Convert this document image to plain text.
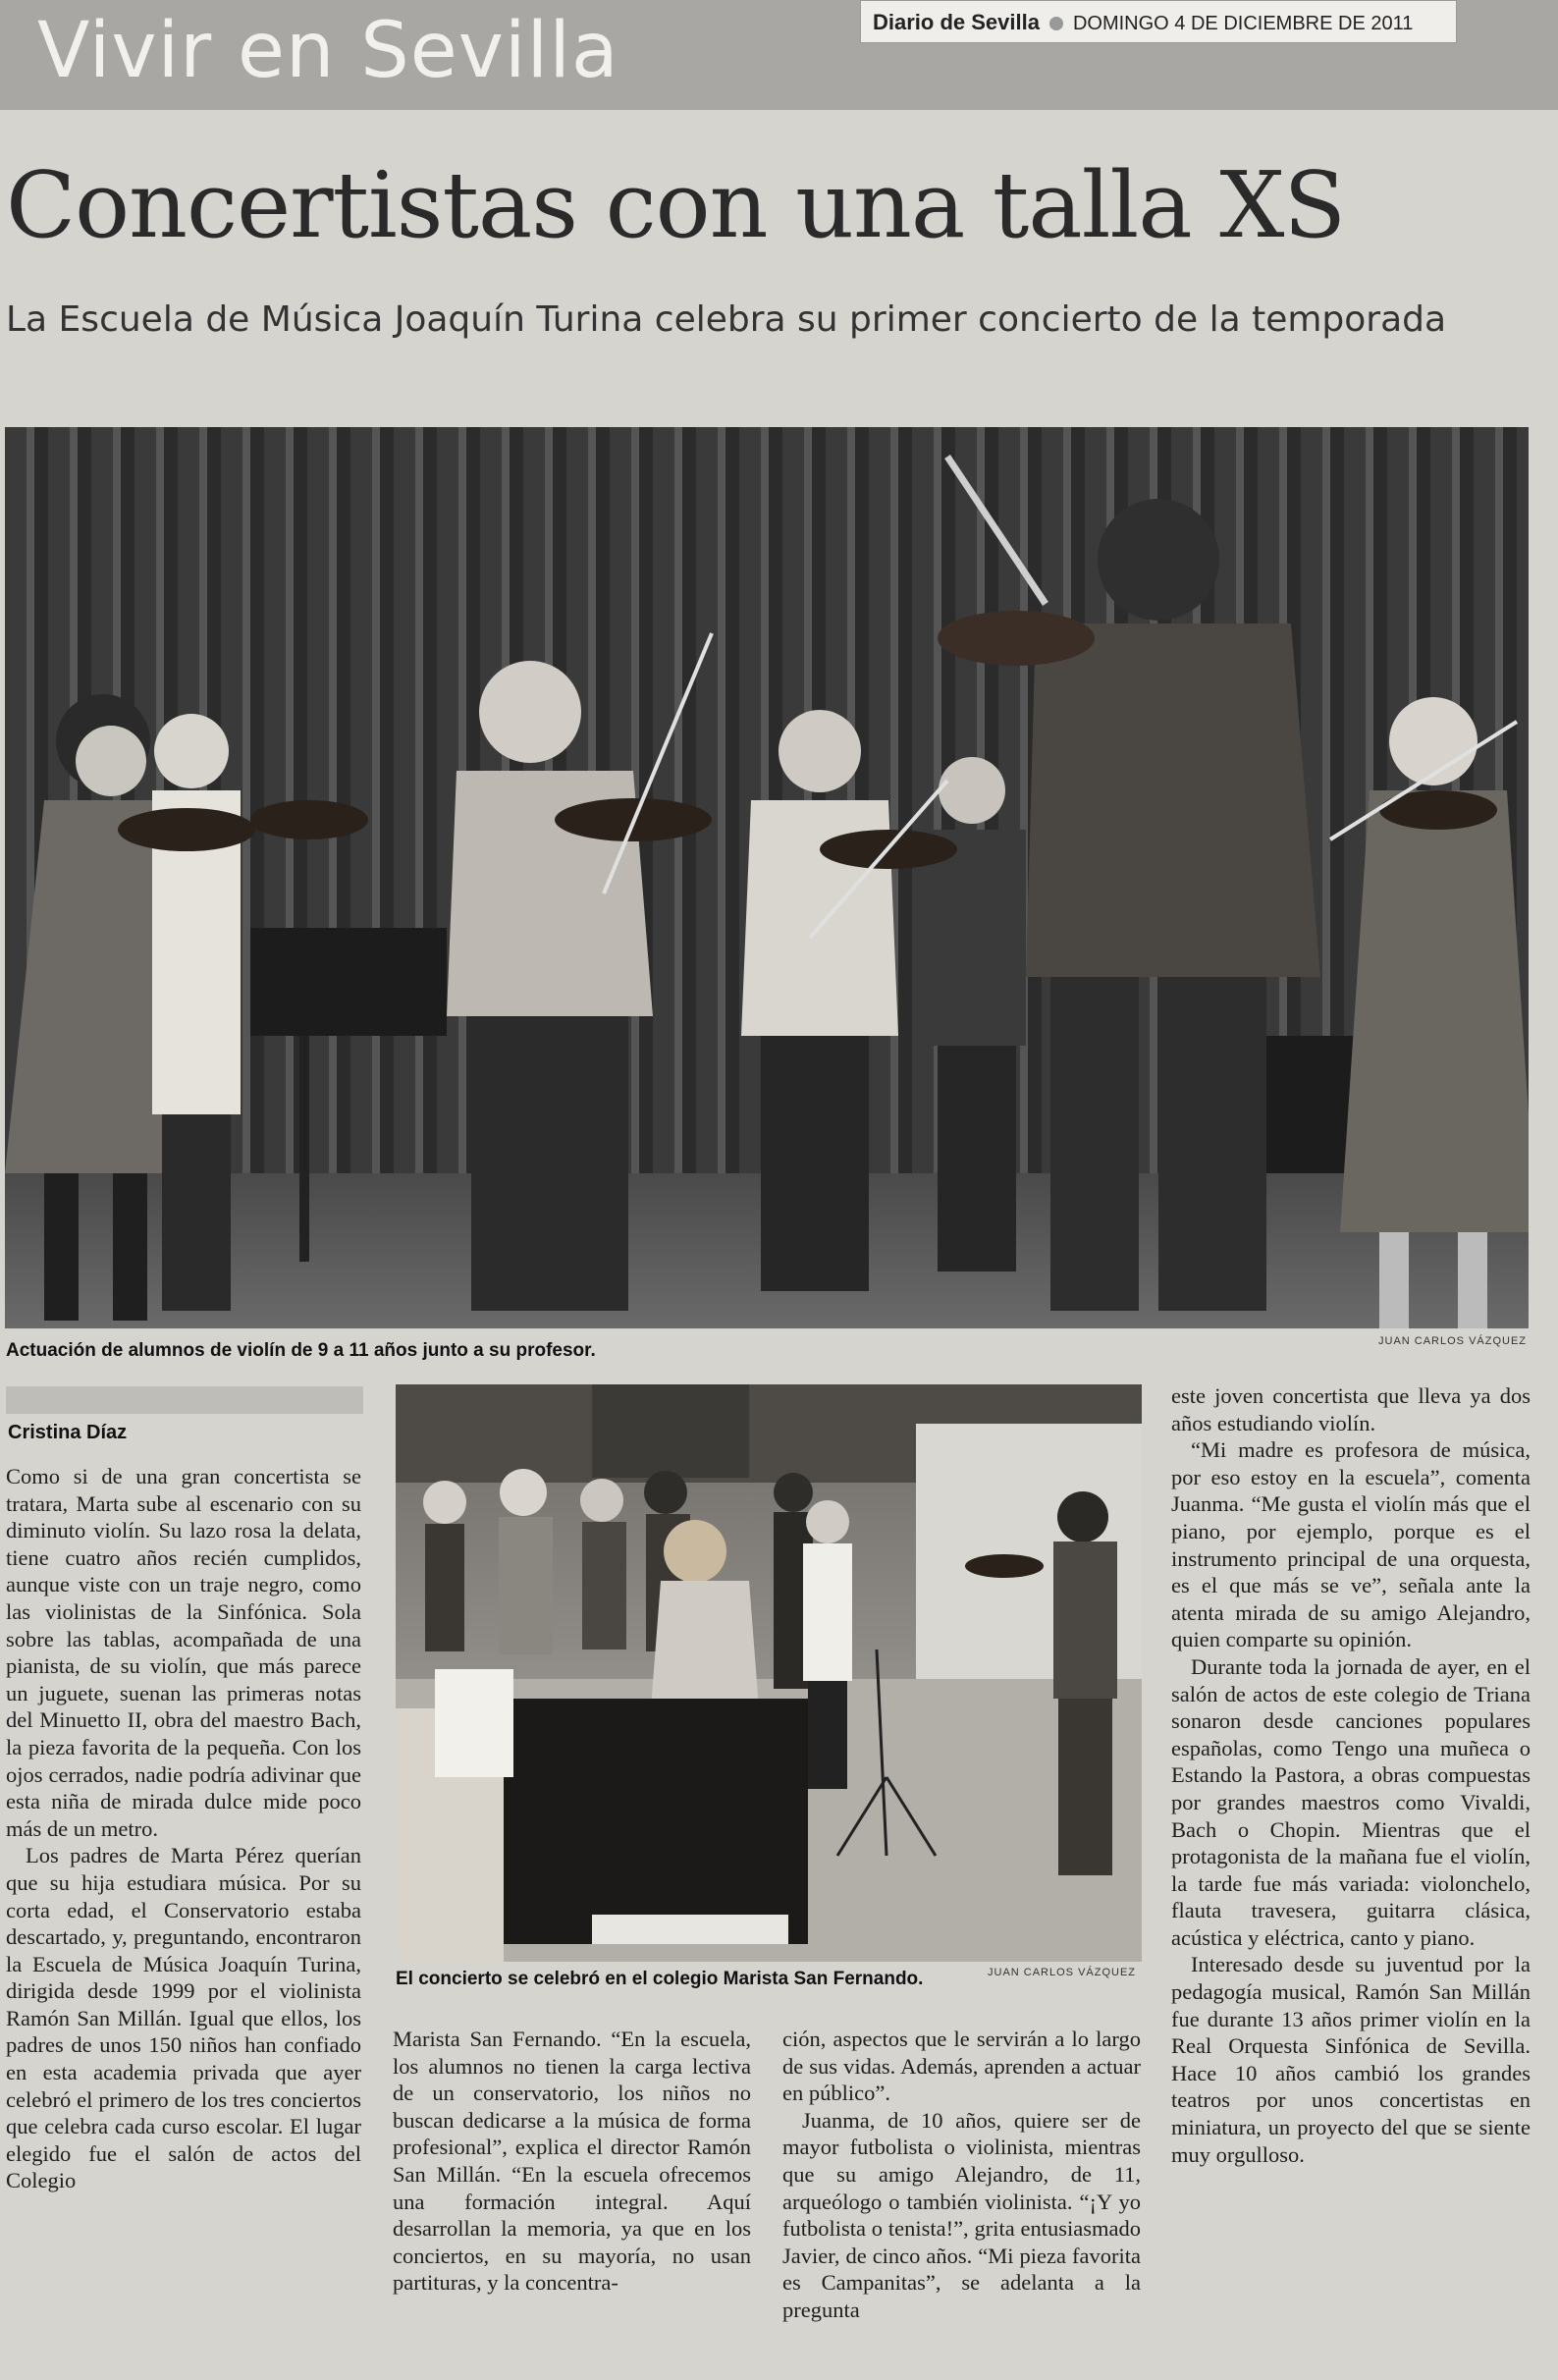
Vivir en Sevilla	Diario de Sevilla DOMINGO 4 DE DICIEMBRE DE 2011
Concertistas con una talla XS
La Escuela de Música Joaquín Turina celebra su primer concierto de la temporada
Actuación de alumnos de violín de 9 a 11 años junto a su profesor.	JUAN CARLOS VÁZQUEZ
Cristina Díaz

Como si de una gran concertista se tratara, Marta sube al escenario con su diminuto violín. Su lazo rosa la delata, tiene cuatro años recién cumplidos, aunque viste con un traje negro, como las violinistas de la Sinfónica. Sola sobre las tablas, acompañada de una pianista, de su violín, que más parece un juguete, suenan las primeras notas del Minuetto II, obra del maestro Bach, la pieza favorita de la pequeña. Con los ojos cerrados, nadie podría adivinar que esta niña de mirada dulce mide poco más de un metro.

Los padres de Marta Pérez querían que su hija estudiara música. Por su corta edad, el Conservatorio estaba descartado, y, preguntando, encontraron la Escuela de Música Joaquín Turina, dirigida desde 1999 por el violinista Ramón San Millán. Igual que ellos, los padres de unos 150 niños han confiado en esta academia privada que ayer celebró el primero de los tres conciertos que celebra cada curso escolar. El lugar elegido fue el salón de actos del Colegio

El concierto se celebró en el colegio Marista San Fernando.	JUAN CARLOS VÁZQUEZ

Marista San Fernando. “En la escuela, los alumnos no tienen la carga lectiva de un conservatorio, los niños no buscan dedicarse a la música de forma profesional”, explica el director Ramón San Millán. “En la escuela ofrecemos una formación integral. Aquí desarrollan la memoria, ya que en los conciertos, en su mayoría, no usan partituras, y la concentra-

ción, aspectos que le servirán a lo largo de sus vidas. Además, aprenden a actuar en público”.

Juanma, de 10 años, quiere ser de mayor futbolista o violinista, mientras que su amigo Alejandro, de 11, arqueólogo o también violinista. “¡Y yo futbolista o tenista!”, grita entusiasmado Javier, de cinco años. “Mi pieza favorita es Campanitas”, se adelanta a la pregunta

este joven concertista que lleva ya dos años estudiando violín.

“Mi madre es profesora de música, por eso estoy en la escuela”, comenta Juanma. “Me gusta el violín más que el piano, por ejemplo, porque es el instrumento principal de una orquesta, es el que más se ve”, señala ante la atenta mirada de su amigo Alejandro, quien comparte su opinión.

Durante toda la jornada de ayer, en el salón de actos de este colegio de Triana sonaron desde canciones populares españolas, como Tengo una muñeca o Estando la Pastora, a obras compuestas por grandes maestros como Vivaldi, Bach o Chopin. Mientras que el protagonista de la mañana fue el violín, la tarde fue más variada: violonchelo, flauta travesera, guitarra clásica, acústica y eléctrica, canto y piano.

Interesado desde su juventud por la pedagogía musical, Ramón San Millán fue durante 13 años primer violín en la Real Orquesta Sinfónica de Sevilla. Hace 10 años cambió los grandes teatros por unos concertistas en miniatura, un proyecto del que se siente muy orgulloso.
